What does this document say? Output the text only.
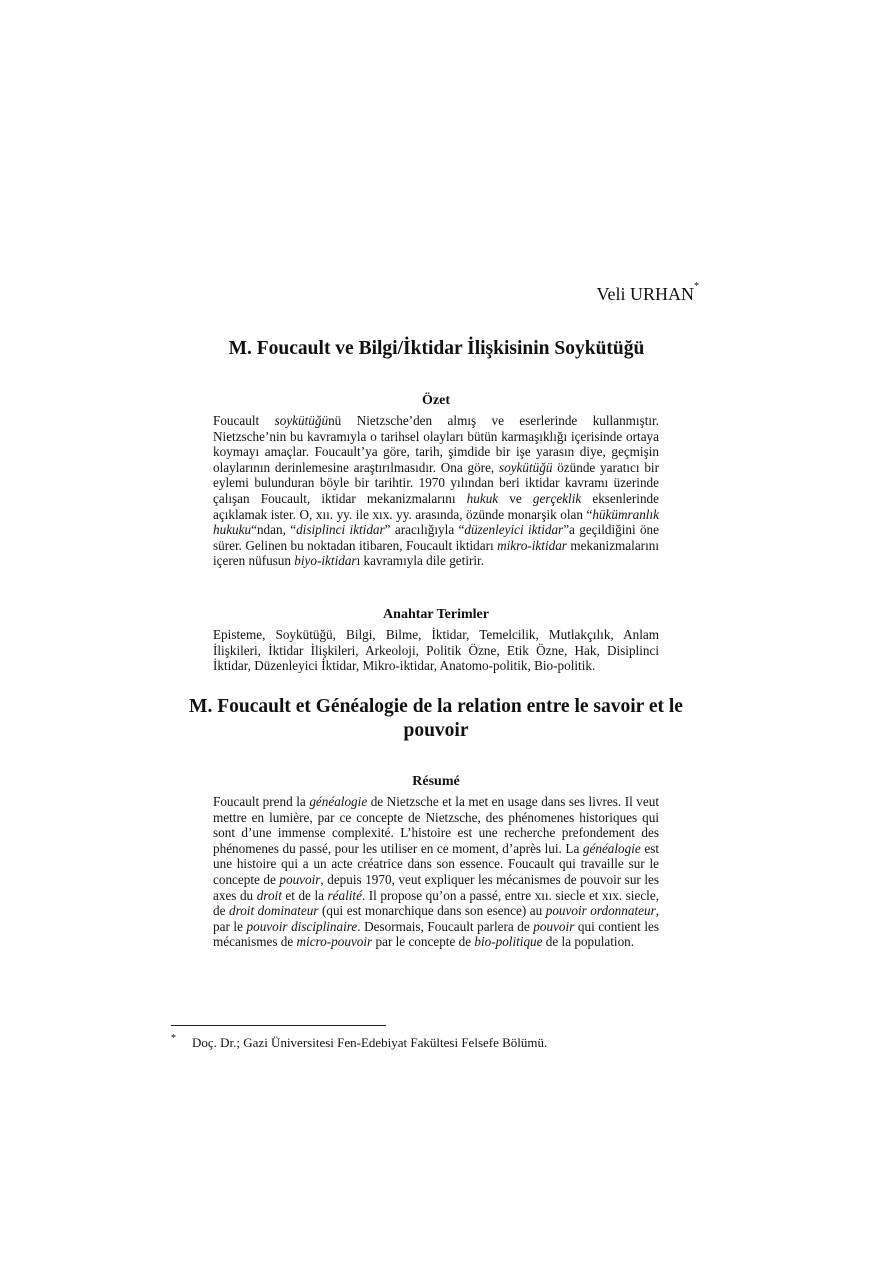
Veli URHAN*
M. Foucault ve Bilgi/İktidar İlişkisinin Soykütüğü
Özet

Foucault soykütüğünü Nietzsche’den almış ve eserlerinde kullanmıştır. Nietzsche’nin bu kavramıyla o tarihsel olayları bütün karmaşıklığı içerisinde ortaya koymayı amaçlar. Foucault’ya göre, tarih, şimdide bir işe yarasın diye, geçmişin olaylarının derinlemesine araştırılmasıdır. Ona göre, soykütüğü özünde yaratıcı bir eylemi bulunduran böyle bir tarihtir. 1970 yılından beri iktidar kavramı üzerinde çalışan Foucault, iktidar mekanizmalarını hukuk ve gerçeklik eksenlerinde açıklamak ister. O, xıı. yy. ile xıx. yy. arasında, özünde monarşik olan “hükümranlık hukuku“ndan, “disiplinci iktidar” aracılığıyla “düzenleyici iktidar”a geçildiğini öne sürer. Gelinen bu noktadan itibaren, Foucault iktidarı mikro-iktidar mekanizmalarını içeren nüfusun biyo-iktidarı kavramıyla dile getirir.

Anahtar Terimler

Episteme, Soykütüğü, Bilgi, Bilme, İktidar, Temelcilik, Mutlakçılık, Anlam İlişkileri, İktidar İlişkileri, Arkeoloji, Politik Özne, Etik Özne, Hak, Disiplinci İktidar, Düzenleyici İktidar, Mikro-iktidar, Anatomo-politik, Bio-politik.

M. Foucault et Généalogie de la relation entre le savoir et le pouvoir
Résumé

Foucault prend la généalogie de Nietzsche et la met en usage dans ses livres. Il veut mettre en lumière, par ce concepte de Nietzsche, des phénomenes historiques qui sont d’une immense complexité. L’histoire est une recherche prefondement des phénomenes du passé, pour les utiliser en ce moment, d’après lui. La généalogie est une histoire qui a un acte créatrice dans son essence. Foucault qui travaille sur le concepte de pouvoir, depuis 1970, veut expliquer les mécanismes de pouvoir sur les axes du droit et de la réalité. Il propose qu’on a passé, entre xıı. siecle et xıx. siecle, de droit dominateur (qui est monarchique dans son esence) au pouvoir ordonnateur, par le pouvoir disciplinaire. Desormais, Foucault parlera de pouvoir qui contient les mécanismes de micro-pouvoir par le concepte de bio-politique de la population.

* Doç. Dr.; Gazi Üniversitesi Fen-Edebiyat Fakültesi Felsefe Bölümü.
